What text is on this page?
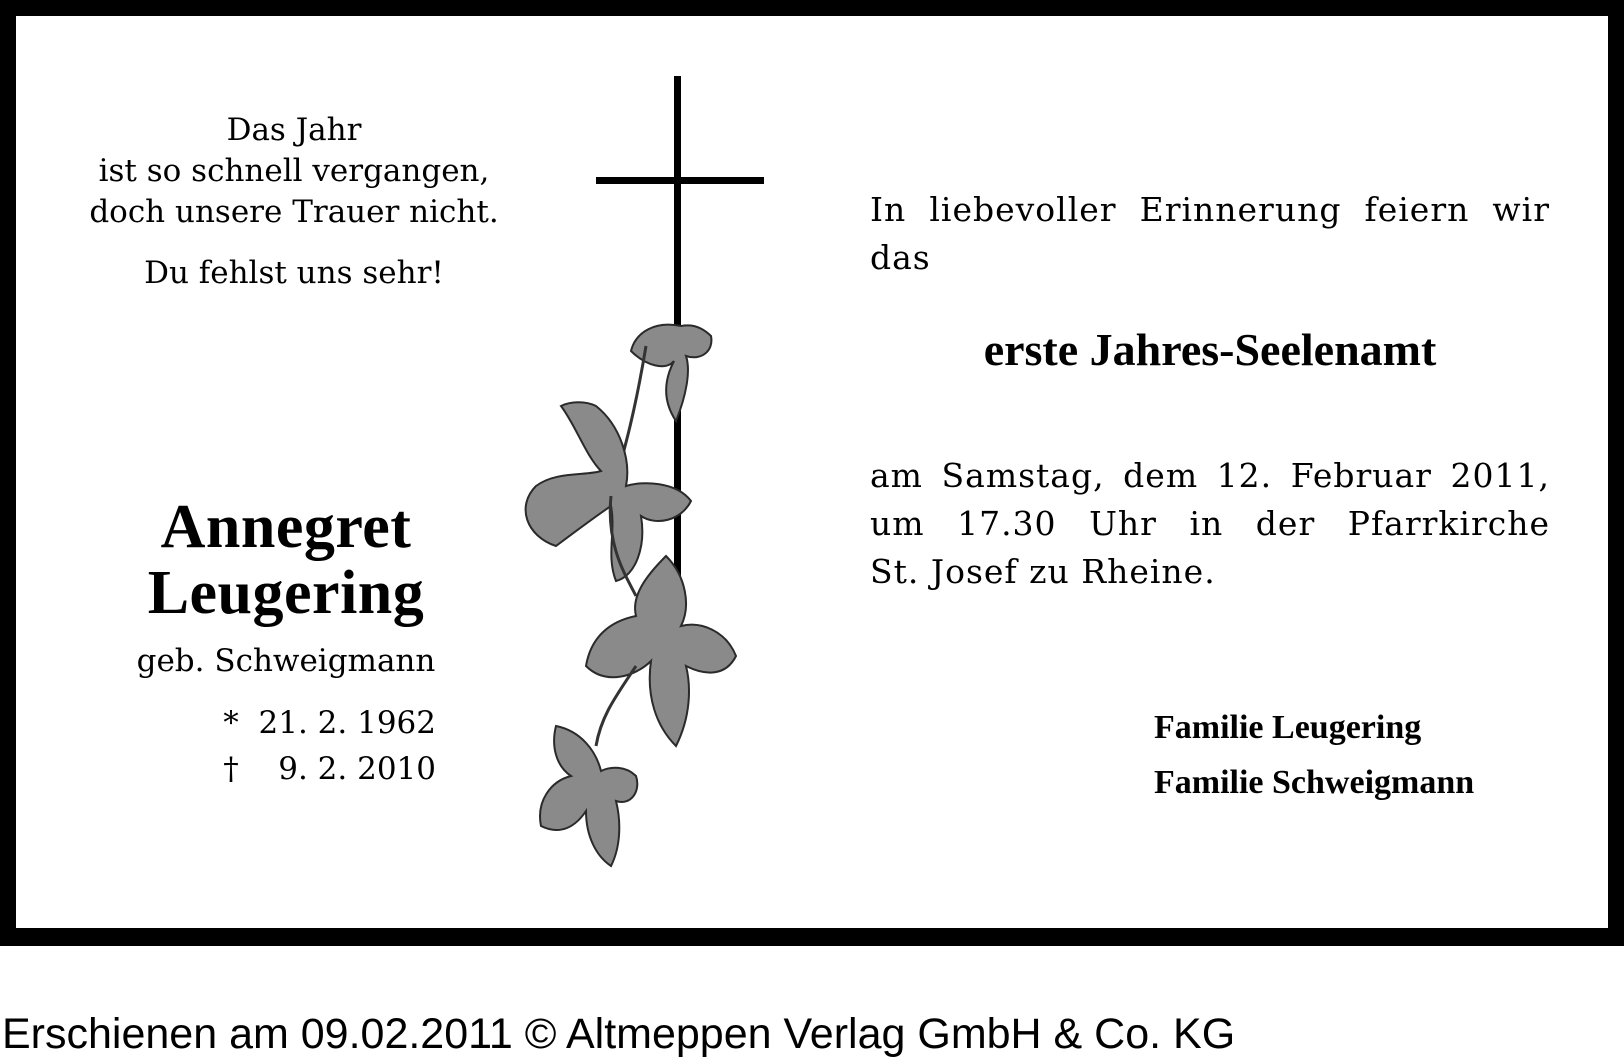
Das Jahr

ist so schnell vergangen,

doch unsere Trauer nicht.

Du fehlst uns sehr!

Annegret
Leugering
geb. Schweigmann
* 21. 2. 1962
†	9. 2. 2010
In liebevoller Erinnerung feiern wir
das
erste Jahres-Seelenamt
am Samstag, dem 12. Februar 2011,
um 17.30 Uhr in der Pfarrkirche
St. Josef zu Rheine.
Familie Leugering
Familie Schweigmann
Erschienen am 09.02.2011 © Altmeppen Verlag GmbH & Co. KG
